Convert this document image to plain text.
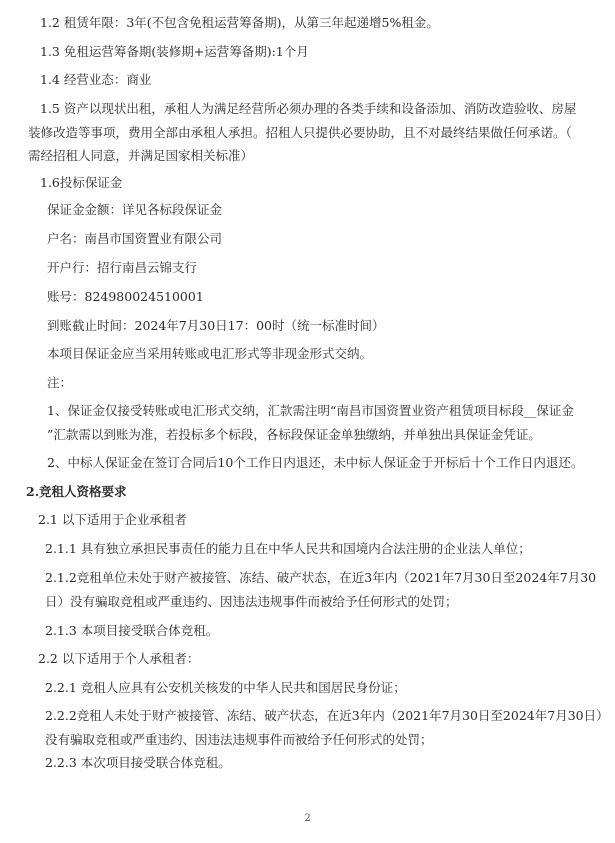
1.2 租赁年限：3年(不包含免租运营筹备期)，从第三年起递增5%租金。
1.3 免租运营筹备期(装修期+运营筹备期):1个月
1.4 经营业态：商业
1.5 资产以现状出租，承租人为满足经营所必须办理的各类手续和设备添加、消防改造验收、房屋
装修改造等事项，费用全部由承租人承担。招租人只提供必要协助，且不对最终结果做任何承诺。（
需经招租人同意，并满足国家相关标准）
1.6投标保证金
保证金金额：详见各标段保证金
户名：南昌市国资置业有限公司
开户行：招行南昌云锦支行
账号：824980024510001
到账截止时间：2024年7月30日17：00时（统一标准时间）
本项目保证金应当采用转账或电汇形式等非现金形式交纳。
注：
1、保证金仅接受转账或电汇形式交纳，汇款需注明“南昌市国资置业资产租赁项目标段__保证金
”汇款需以到账为准，若投标多个标段，各标段保证金单独缴纳，并单独出具保证金凭证。
2、中标人保证金在签订合同后10个工作日内退还，未中标人保证金于开标后十个工作日内退还。
2.竞租人资格要求
2.1 以下适用于企业承租者
2.1.1 具有独立承担民事责任的能力且在中华人民共和国境内合法注册的企业法人单位；
2.1.2竞租单位未处于财产被接管、冻结、破产状态，在近3年内（2021年7月30日至2024年7月30
日）没有骗取竞租或严重违约、因违法违规事件而被给予任何形式的处罚；
2.1.3 本项目接受联合体竞租。
2.2 以下适用于个人承租者：
2.2.1 竞租人应具有公安机关核发的中华人民共和国居民身份证；
2.2.2竞租人未处于财产被接管、冻结、破产状态，在近3年内（2021年7月30日至2024年7月30日）
没有骗取竞租或严重违约、因违法违规事件而被给予任何形式的处罚；
2.2.3 本次项目接受联合体竞租。
2
